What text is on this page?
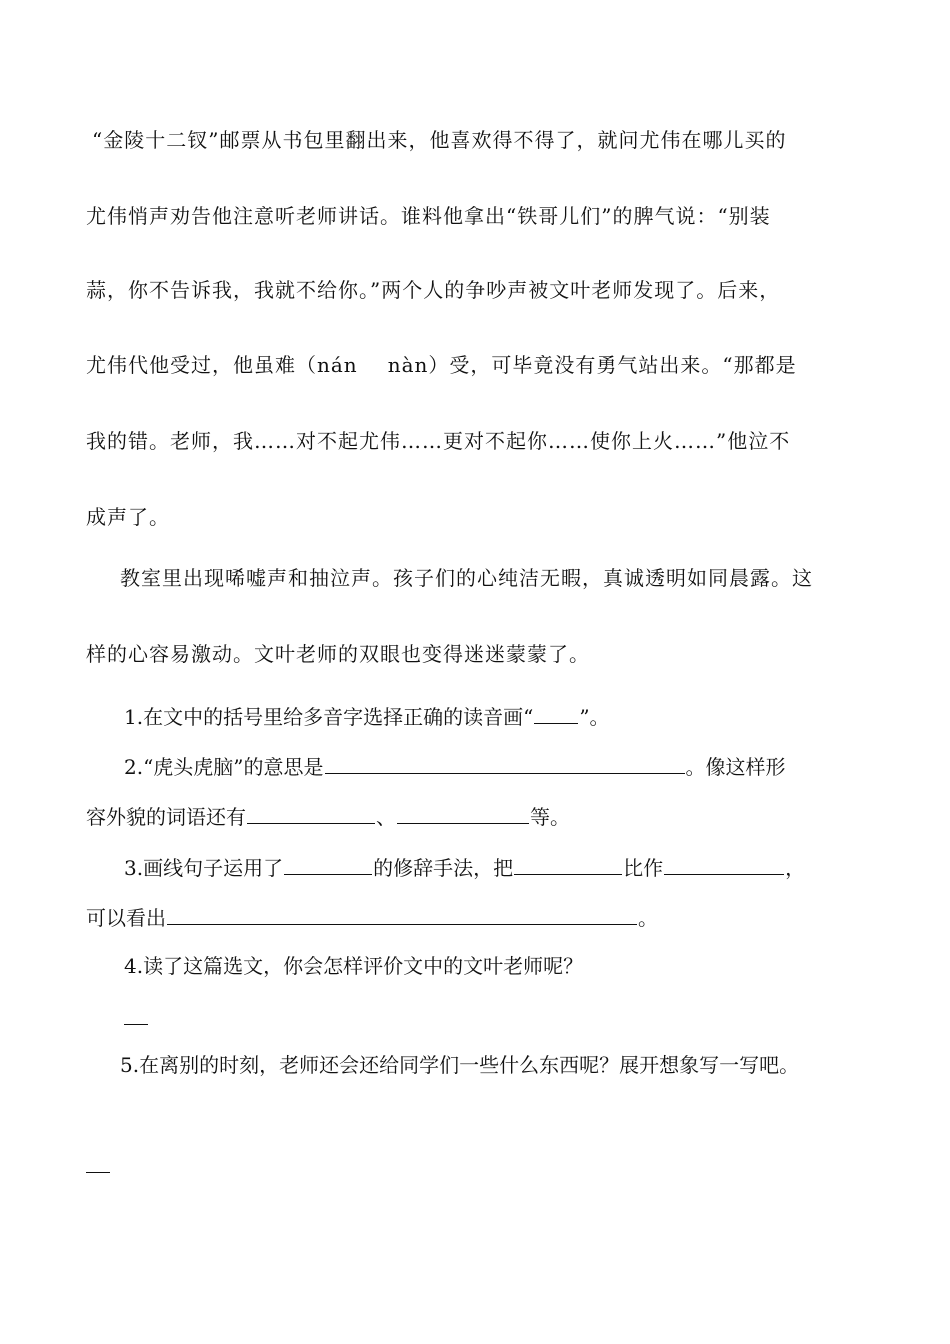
“金陵十二钗”邮票从书包里翻出来，他喜欢得不得了，就问尤伟在哪儿买的
尤伟悄声劝告他注意听老师讲话。谁料他拿出“铁哥儿们”的脾气说：“别装
蒜，你不告诉我，我就不给你。”两个人的争吵声被文叶老师发现了。后来，
尤伟代他受过，他虽难（nán nàn）受，可毕竟没有勇气站出来。“那都是
我的错。老师，我……对不起尤伟……更对不起你……使你上火……”他泣不
成声了。
教室里出现唏嘘声和抽泣声。孩子们的心纯洁无暇，真诚透明如同晨露。这
样的心容易激动。文叶老师的双眼也变得迷迷蒙蒙了。
1.在文中的括号里给多音字选择正确的读音画“ ”。
2.“虎头虎脑”的意思是	。像这样形
容外貌的词语还有	、	等。
3.画线句子运用了	的修辞手法，把	比作	，
可以看出	。
4.读了这篇选文，你会怎样评价文中的文叶老师呢？
5.在离别的时刻，老师还会还给同学们一些什么东西呢？展开想象写一写吧。
